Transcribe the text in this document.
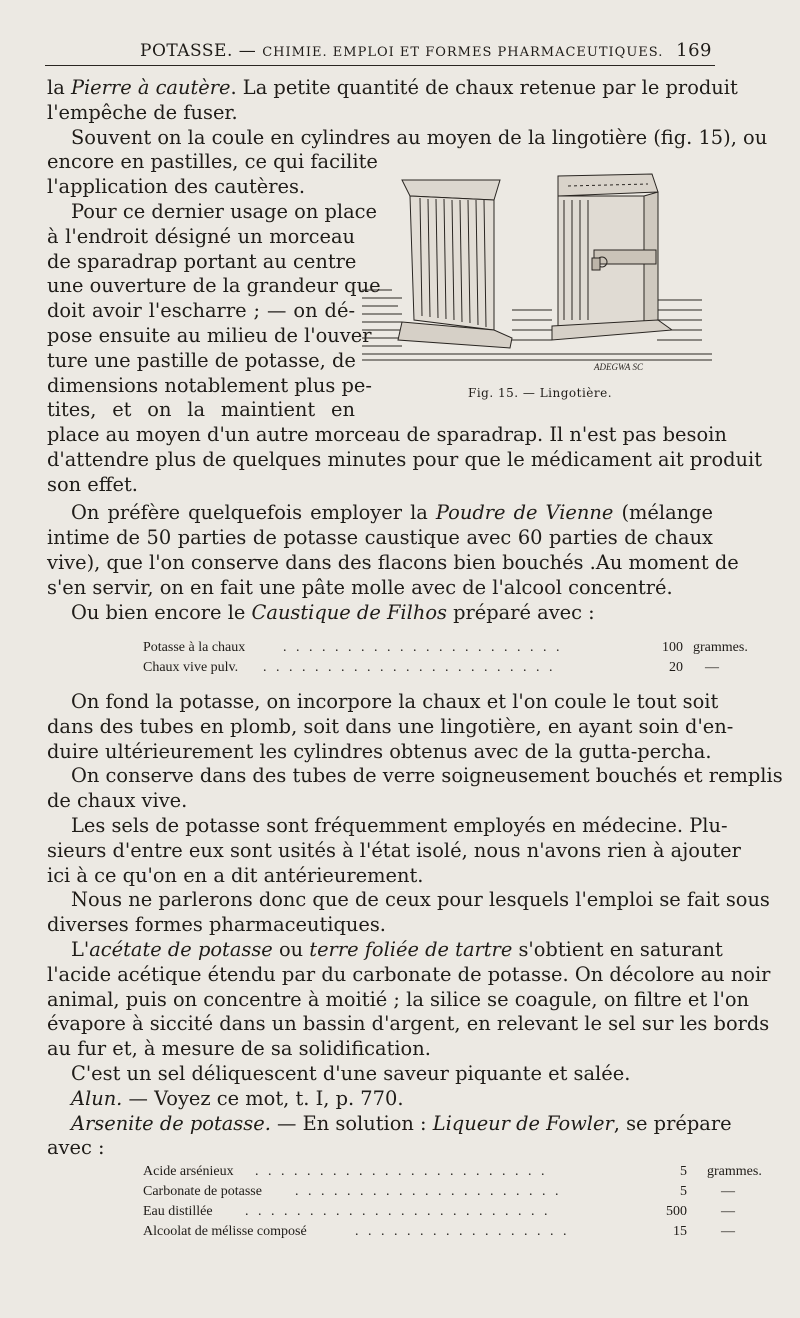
POTASSE. — CHIMIE. EMPLOI ET FORMES PHARMACEUTIQUES. 169
la Pierre à cautère. La petite quantité de chaux retenue par le produit
l'empêche de fuser.
Souvent on la coule en cylindres au moyen de la lingotière (fig. 15), ou
encore en pastilles, ce qui facilite
l'application des cautères.
Pour ce dernier usage on place
à l'endroit désigné un morceau
de sparadrap portant au centre
une ouverture de la grandeur que
doit avoir l'escharre ; — on dé-
pose ensuite au milieu de l'ouver
ture une pastille de potasse, de
dimensions notablement plus pe-
tites, et on la maintient en
ADEGWA SC
Fig. 15. — Lingotière.
place au moyen d'un autre morceau de sparadrap. Il n'est pas besoin
d'attendre plus de quelques minutes pour que le médicament ait produit
son effet.
On préfère quelquefois employer la Poudre de Vienne (mélange
intime de 50 parties de potasse caustique avec 60 parties de chaux
vive), que l'on conserve dans des flacons bien bouchés .Au moment de
s'en servir, on en fait une pâte molle avec de l'alcool concentré.
Ou bien encore le Caustique de Filhos préparé avec :
Potasse à la chaux	. . . . . . . . . . . . . . . . . . . . . .	100 grammes.
Chaux vive pulv. . . . . . . . . . . . . . . . . . . . . . . .	20 —
On fond la potasse, on incorpore la chaux et l'on coule le tout soit
dans des tubes en plomb, soit dans une lingotière, en ayant soin d'en-
duire ultérieurement les cylindres obtenus avec de la gutta-percha.
On conserve dans des tubes de verre soigneusement bouchés et remplis
de chaux vive.
Les sels de potasse sont fréquemment employés en médecine. Plu-
sieurs d'entre eux sont usités à l'état isolé, nous n'avons rien à ajouter
ici à ce qu'on en a dit antérieurement.
Nous ne parlerons donc que de ceux pour lesquels l'emploi se fait sous
diverses formes pharmaceutiques.
L'acétate de potasse ou terre foliée de tartre s'obtient en saturant
l'acide acétique étendu par du carbonate de potasse. On décolore au noir
animal, puis on concentre à moitié ; la silice se coagule, on filtre et l'on
évapore à siccité dans un bassin d'argent, en relevant le sel sur les bords
au fur et, à mesure de sa solidification.
C'est un sel déliquescent d'une saveur piquante et salée.
Alun. — Voyez ce mot, t. I, p. 770.
Arsenite de potasse. — En solution : Liqueur de Fowler, se prépare
avec :
Acide arsénieux . . . . . . . . . . . . . . . . . . . . . . .	5 grammes.
Carbonate de potasse . . . . . . . . . . . . . . . . . . . . .	5 —
Eau distillée . . . . . . . . . . . . . . . . . . . . . . . .	500 —
Alcoolat de mélisse composé	. . . . . . . . . . . . . . . . .	15 —
